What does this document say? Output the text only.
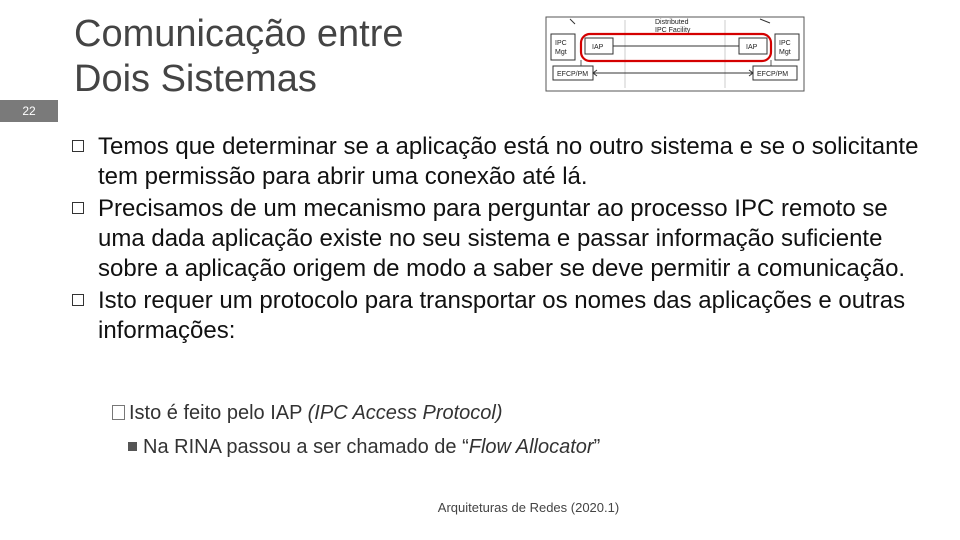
22
Comunicação entre
Dois Sistemas
Distributed
IPC Facility
IPC
Mgt
IPC
Mgt
IAP	IAP
EFCP/PM	EFCP/PM
Temos que determinar se a aplicação está no outro sistema e se o solicitante tem permissão para abrir uma conexão até lá.
Precisamos de um mecanismo para perguntar ao processo IPC remoto se uma dada aplicação existe no seu sistema e passar informação suficiente sobre a aplicação origem de modo a saber se deve permitir a comunicação.
Isto requer um protocolo para transportar os nomes das aplicações e outras informações:
Isto é feito pelo IAP (IPC Access Protocol)
Na RINA passou a ser chamado de “Flow Allocator”
Arquiteturas de Redes (2020.1)
